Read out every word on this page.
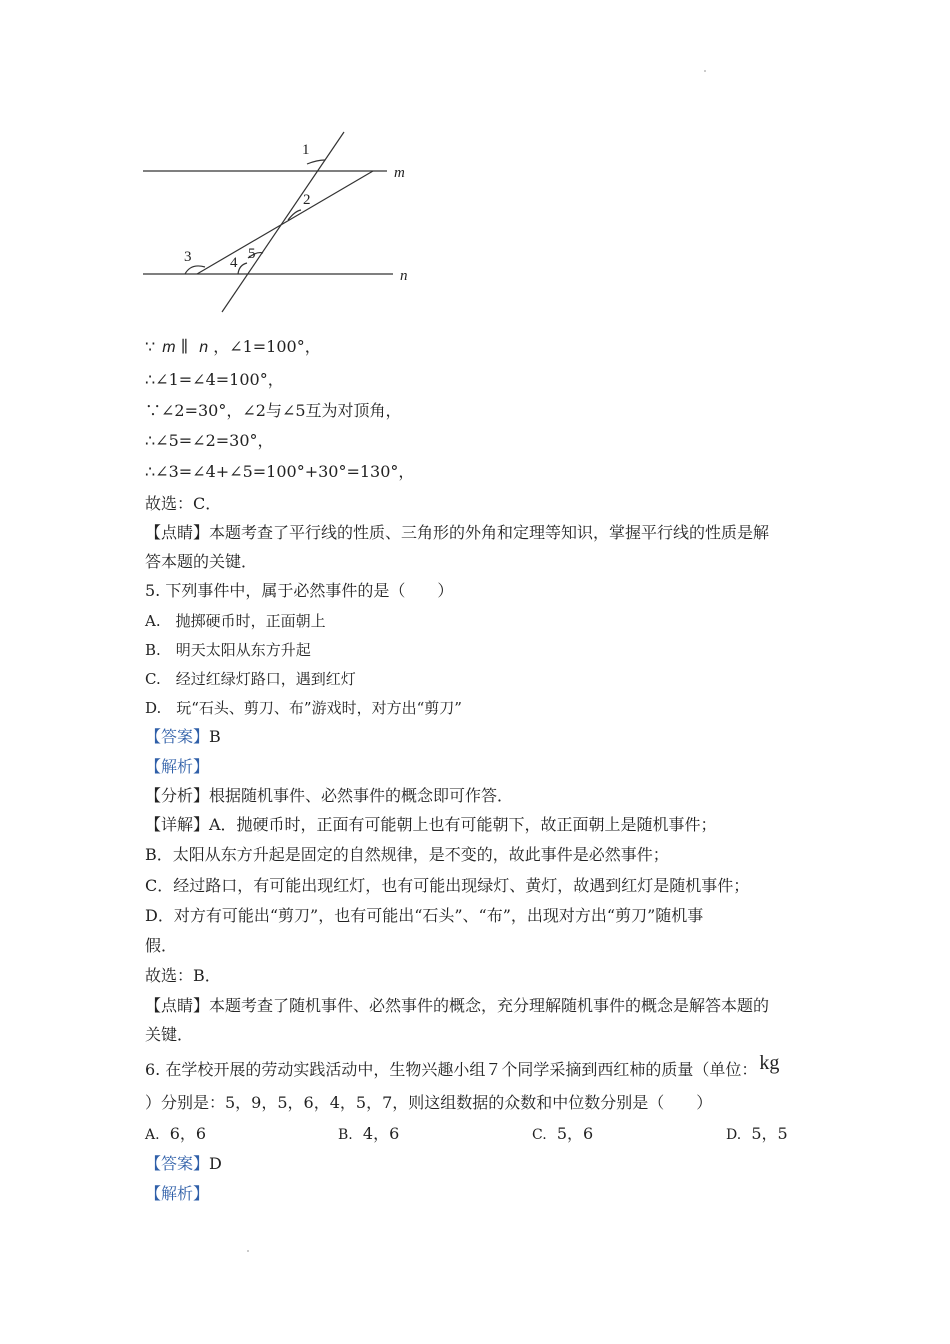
1
2
3	4
5
m
n
∵ m ∥ n ，∠1=100°，
∴∠1=∠4=100°，
∵∠2=30°，∠2与∠5互为对顶角，
∴∠5=∠2=30°，
∴∠3=∠4+∠5=100°+30°=130°，
故选：C．
【点睛】本题考查了平行线的性质、三角形的外角和定理等知识，掌握平行线的性质是解
答本题的关键．
5. 下列事件中，属于必然事件的是（　　）
A.　抛掷硬币时，正面朝上
B.　明天太阳从东方升起
C.　经过红绿灯路口，遇到红灯
D.　玩“石头、剪刀、布”游戏时，对方出“剪刀”
【答案】B
【解析】
【分析】根据随机事件、必然事件的概念即可作答．
【详解】A．抛硬币时，正面有可能朝上也有可能朝下，故正面朝上是随机事件；
B．太阳从东方升起是固定的自然规律，是不变的，故此事件是必然事件；
C．经过路口，有可能出现红灯，也有可能出现绿灯、黄灯，故遇到红灯是随机事件；
D．对方有可能出“剪刀”，也有可能出“石头”、“布”，出现对方出“剪刀”随机事
假．
故选：B．
【点睛】本题考查了随机事件、必然事件的概念，充分理解随机事件的概念是解答本题的
关键．
6. 在学校开展的劳动实践活动中，生物兴趣小组７个同学采摘到西红柿的质量（单位： kg
）分别是：5，9，5，6，4，5，7，则这组数据的众数和中位数分别是（　　）
A. 6，6	B. 4，6	C. 5，6	D. 5，5
【答案】D
【解析】
